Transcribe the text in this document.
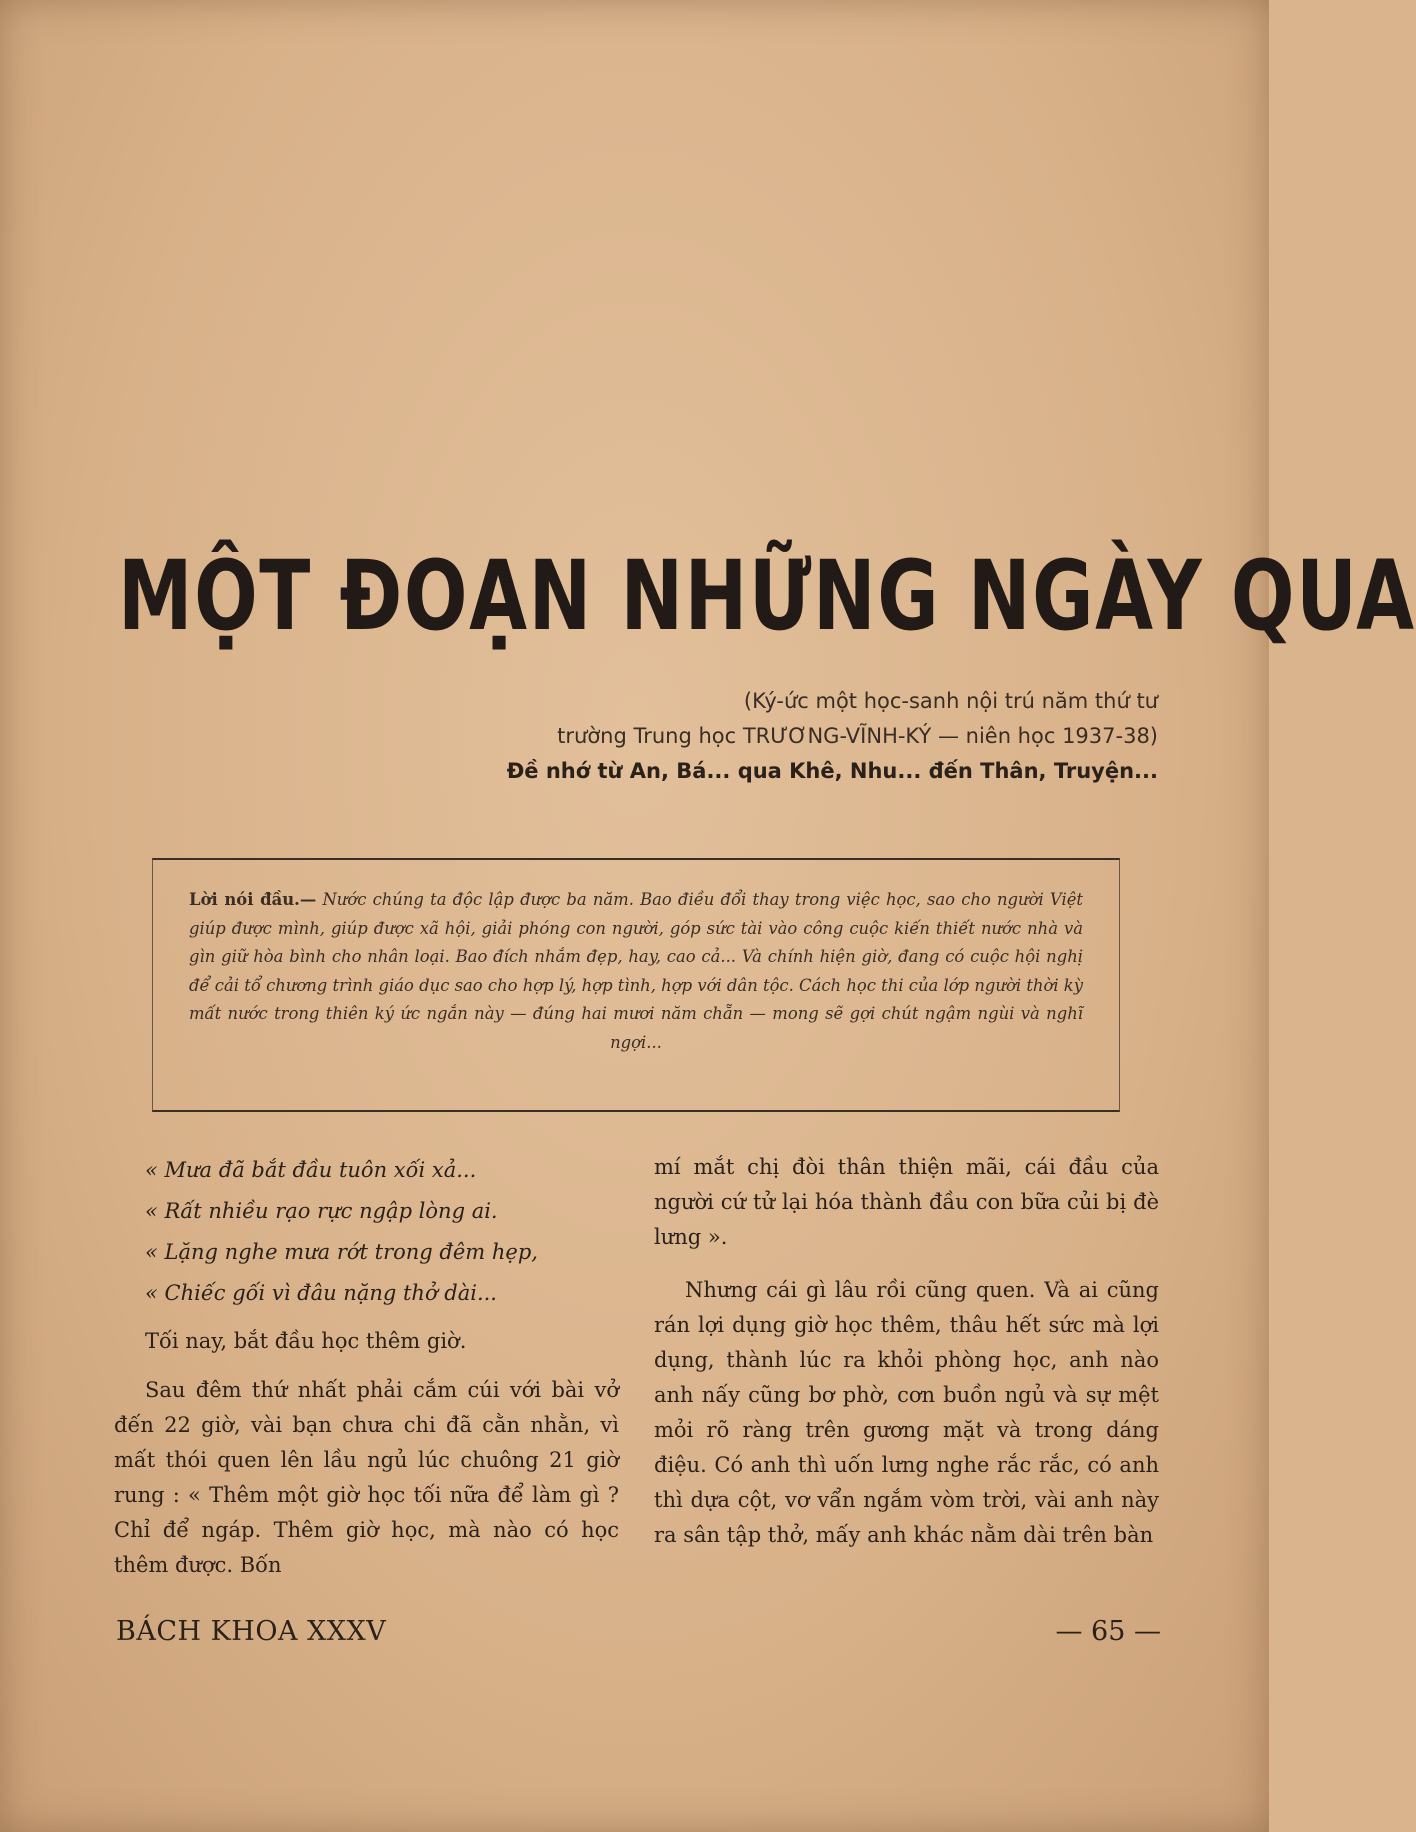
MỘT ĐOẠN NHỮNG NGÀY QUA
(Ký-ức một học-sanh nội trú năm thứ tư
trường Trung học TRƯƠNG-VĨNH-KÝ — niên học 1937-38)
Đề nhớ từ An, Bá... qua Khê, Nhu... đến Thân, Truyện...
Lời nói đầu.— Nước chúng ta độc lập được ba năm. Bao điều đổi thay trong việc học, sao cho người Việt giúp được mình, giúp được xã hội, giải phóng con người, góp sức tài vào công cuộc kiến thiết nước nhà và gìn giữ hòa bình cho nhân loại. Bao đích nhắm đẹp, hay, cao cả... Và chính hiện giờ, đang có cuộc hội nghị để cải tổ chương trình giáo dục sao cho hợp lý, hợp tình, hợp với dân tộc. Cách học thi của lớp người thời kỳ mất nước trong thiên ký ức ngắn này — đúng hai mươi năm chẵn — mong sẽ gợi chút ngậm ngùi và nghĩ ngợi...
« Mưa đã bắt đầu tuôn xối xả...
« Rất nhiều rạo rực ngập lòng ai.
« Lặng nghe mưa rớt trong đêm hẹp,
« Chiếc gối vì đâu nặng thở dài...

Tối nay, bắt đầu học thêm giờ.

Sau đêm thứ nhất phải cắm cúi với bài vở đến 22 giờ, vài bạn chưa chi đã cằn nhằn, vì mất thói quen lên lầu ngủ lúc chuông 21 giờ rung : « Thêm một giờ học tối nữa để làm gì ? Chỉ để ngáp. Thêm giờ học, mà nào có học thêm được. Bốn

mí mắt chị đòi thân thiện mãi, cái đầu của người cứ tử lại hóa thành đầu con bữa củi bị đè lưng ».

Nhưng cái gì lâu rồi cũng quen. Và ai cũng rán lợi dụng giờ học thêm, thâu hết sức mà lợi dụng, thành lúc ra khỏi phòng học, anh nào anh nấy cũng bơ phờ, cơn buồn ngủ và sự mệt mỏi rõ ràng trên gương mặt và trong dáng điệu. Có anh thì uốn lưng nghe rắc rắc, có anh thì dựa cột, vơ vẩn ngắm vòm trời, vài anh này ra sân tập thở, mấy anh khác nằm dài trên bàn

BÁCH KHOA XXXV	— 65 —
